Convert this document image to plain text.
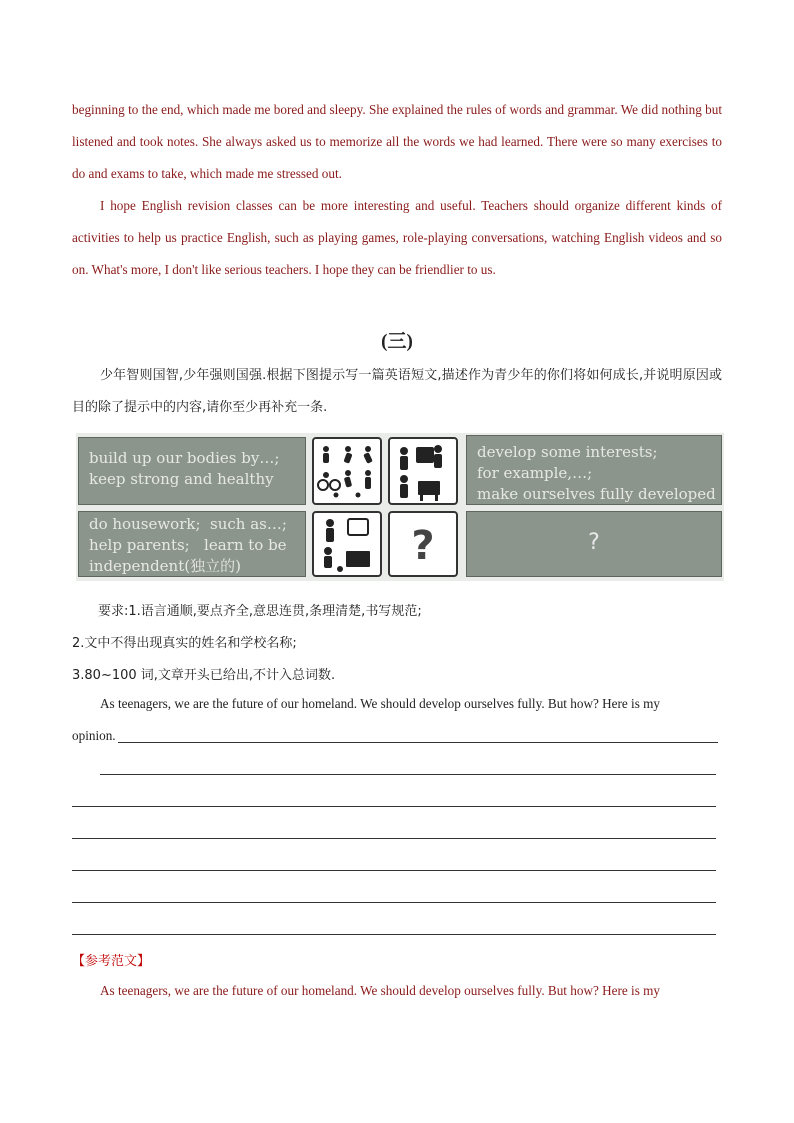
beginning to the end, which made me bored and sleepy. She explained the rules of words and grammar. We did nothing but listened and took notes. She always asked us to memorize all the words we had learned. There were so many exercises to do and exams to take, which made me stressed out.

I hope English revision classes can be more interesting and useful. Teachers should organize different kinds of activities to help us practice English, such as playing games, role-playing conversations, watching English videos and so on. What's more, I don't like serious teachers. I hope they can be friendlier to us.

(三)

少年智则国智,少年强则国强.根据下图提示写一篇英语短文,描述作为青少年的你们将如何成长,并说明原因或目的除了提示中的内容,请你至少再补充一条.

build up our bodies by…;
keep strong and healthy
develop some interests;
for example,…;
make ourselves fully developed
do housework;  such as…;
help parents;   learn to be
independent(独立的)	?	?
要求:1.语言通顺,要点齐全,意思连贯,条理清楚,书写规范;
2.文中不得出现真实的姓名和学校名称;
3.80~100 词,文章开头已给出,不计入总词数.

As teenagers, we are the future of our homeland. We should develop ourselves fully. But how? Here is my

opinion.
【参考范文】

As teenagers, we are the future of our homeland. We should develop ourselves fully. But how? Here is my
